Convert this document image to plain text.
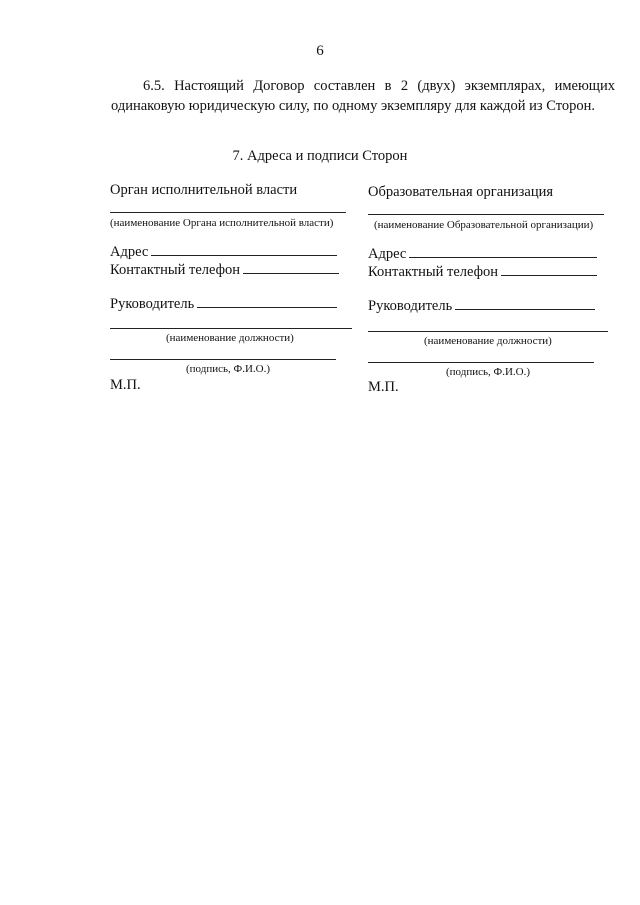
6
6.5. Настоящий Договор составлен в 2 (двух) экземплярах, имеющих одинаковую юридическую силу, по одному экземпляру для каждой из Сторон.
7. Адреса и подписи Сторон
Орган исполнительной власти
(наименование Органа исполнительной власти)
Адрес
Контактный телефон
Руководитель
(наименование должности)
(подпись, Ф.И.О.)
М.П.
Образовательная организация
(наименование Образовательной организации)
Адрес
Контактный телефон
Руководитель
(наименование должности)
(подпись, Ф.И.О.)
М.П.
